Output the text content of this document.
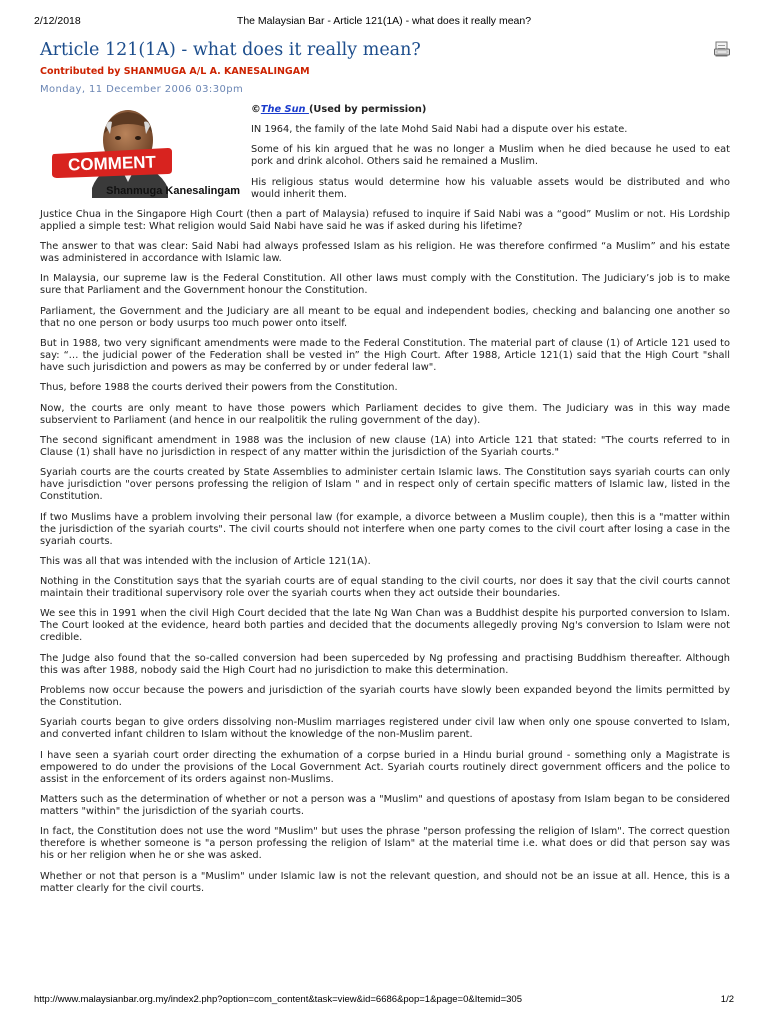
2/12/2018	The Malaysian Bar - Article 121(1A) - what does it really mean?
Article 121(1A) - what does it really mean?
Contributed by SHANMUGA A/L A. KANESALINGAM
Monday, 11 December 2006 03:30pm
COMMENT
Shanmuga Kanesalingam
©The Sun (Used by permission)

IN 1964, the family of the late Mohd Said Nabi had a dispute over his estate.

Some of his kin argued that he was no longer a Muslim when he died because he used to eat pork and drink alcohol. Others said he remained a Muslim.

His religious status would determine how his valuable assets would be distributed and who would inherit them.

Justice Chua in the Singapore High Court (then a part of Malaysia) refused to inquire if Said Nabi was a “good” Muslim or not. His Lordship applied a simple test: What religion would Said Nabi have said he was if asked during his lifetime?

The answer to that was clear: Said Nabi had always professed Islam as his religion. He was therefore confirmed “a Muslim” and his estate was administered in accordance with Islamic law.

In Malaysia, our supreme law is the Federal Constitution. All other laws must comply with the Constitution. The Judiciary’s job is to make sure that Parliament and the Government honour the Constitution.

Parliament, the Government and the Judiciary are all meant to be equal and independent bodies, checking and balancing one another so that no one person or body usurps too much power onto itself.

But in 1988, two very significant amendments were made to the Federal Constitution. The material part of clause (1) of Article 121 used to say: “… the judicial power of the Federation shall be vested in” the High Court. After 1988, Article 121(1) said that the High Court "shall have such jurisdiction and powers as may be conferred by or under federal law".

Thus, before 1988 the courts derived their powers from the Constitution.

Now, the courts are only meant to have those powers which Parliament decides to give them. The Judiciary was in this way made subservient to Parliament (and hence in our realpolitik the ruling government of the day).

The second significant amendment in 1988 was the inclusion of new clause (1A) into Article 121 that stated: "The courts referred to in Clause (1) shall have no jurisdiction in respect of any matter within the jurisdiction of the Syariah courts."

Syariah courts are the courts created by State Assemblies to administer certain Islamic laws. The Constitution says syariah courts can only have jurisdiction "over persons professing the religion of Islam " and in respect only of certain specific matters of Islamic law, listed in the Constitution.

If two Muslims have a problem involving their personal law (for example, a divorce between a Muslim couple), then this is a "matter within the jurisdiction of the syariah courts". The civil courts should not interfere when one party comes to the civil court after losing a case in the syariah courts.

This was all that was intended with the inclusion of Article 121(1A).

Nothing in the Constitution says that the syariah courts are of equal standing to the civil courts, nor does it say that the civil courts cannot maintain their traditional supervisory role over the syariah courts when they act outside their boundaries.

We see this in 1991 when the civil High Court decided that the late Ng Wan Chan was a Buddhist despite his purported conversion to Islam. The Court looked at the evidence, heard both parties and decided that the documents allegedly proving Ng's conversion to Islam were not credible.

The Judge also found that the so-called conversion had been superceded by Ng professing and practising Buddhism thereafter. Although this was after 1988, nobody said the High Court had no jurisdiction to make this determination.

Problems now occur because the powers and jurisdiction of the syariah courts have slowly been expanded beyond the limits permitted by the Constitution.

Syariah courts began to give orders dissolving non-Muslim marriages registered under civil law when only one spouse converted to Islam, and converted infant children to Islam without the knowledge of the non-Muslim parent.

I have seen a syariah court order directing the exhumation of a corpse buried in a Hindu burial ground - something only a Magistrate is empowered to do under the provisions of the Local Government Act. Syariah courts routinely direct government officers and the police to assist in the enforcement of its orders against non-Muslims.

Matters such as the determination of whether or not a person was a "Muslim" and questions of apostasy from Islam began to be considered matters "within" the jurisdiction of the syariah courts.

In fact, the Constitution does not use the word "Muslim" but uses the phrase "person professing the religion of Islam". The correct question therefore is whether someone is "a person professing the religion of Islam" at the material time i.e. what does or did that person say was his or her religion when he or she was asked.

Whether or not that person is a "Muslim" under Islamic law is not the relevant question, and should not be an issue at all. Hence, this is a matter clearly for the civil courts.

http://www.malaysianbar.org.my/index2.php?option=com_content&task=view&id=6686&pop=1&page=0&Itemid=305	1/2
